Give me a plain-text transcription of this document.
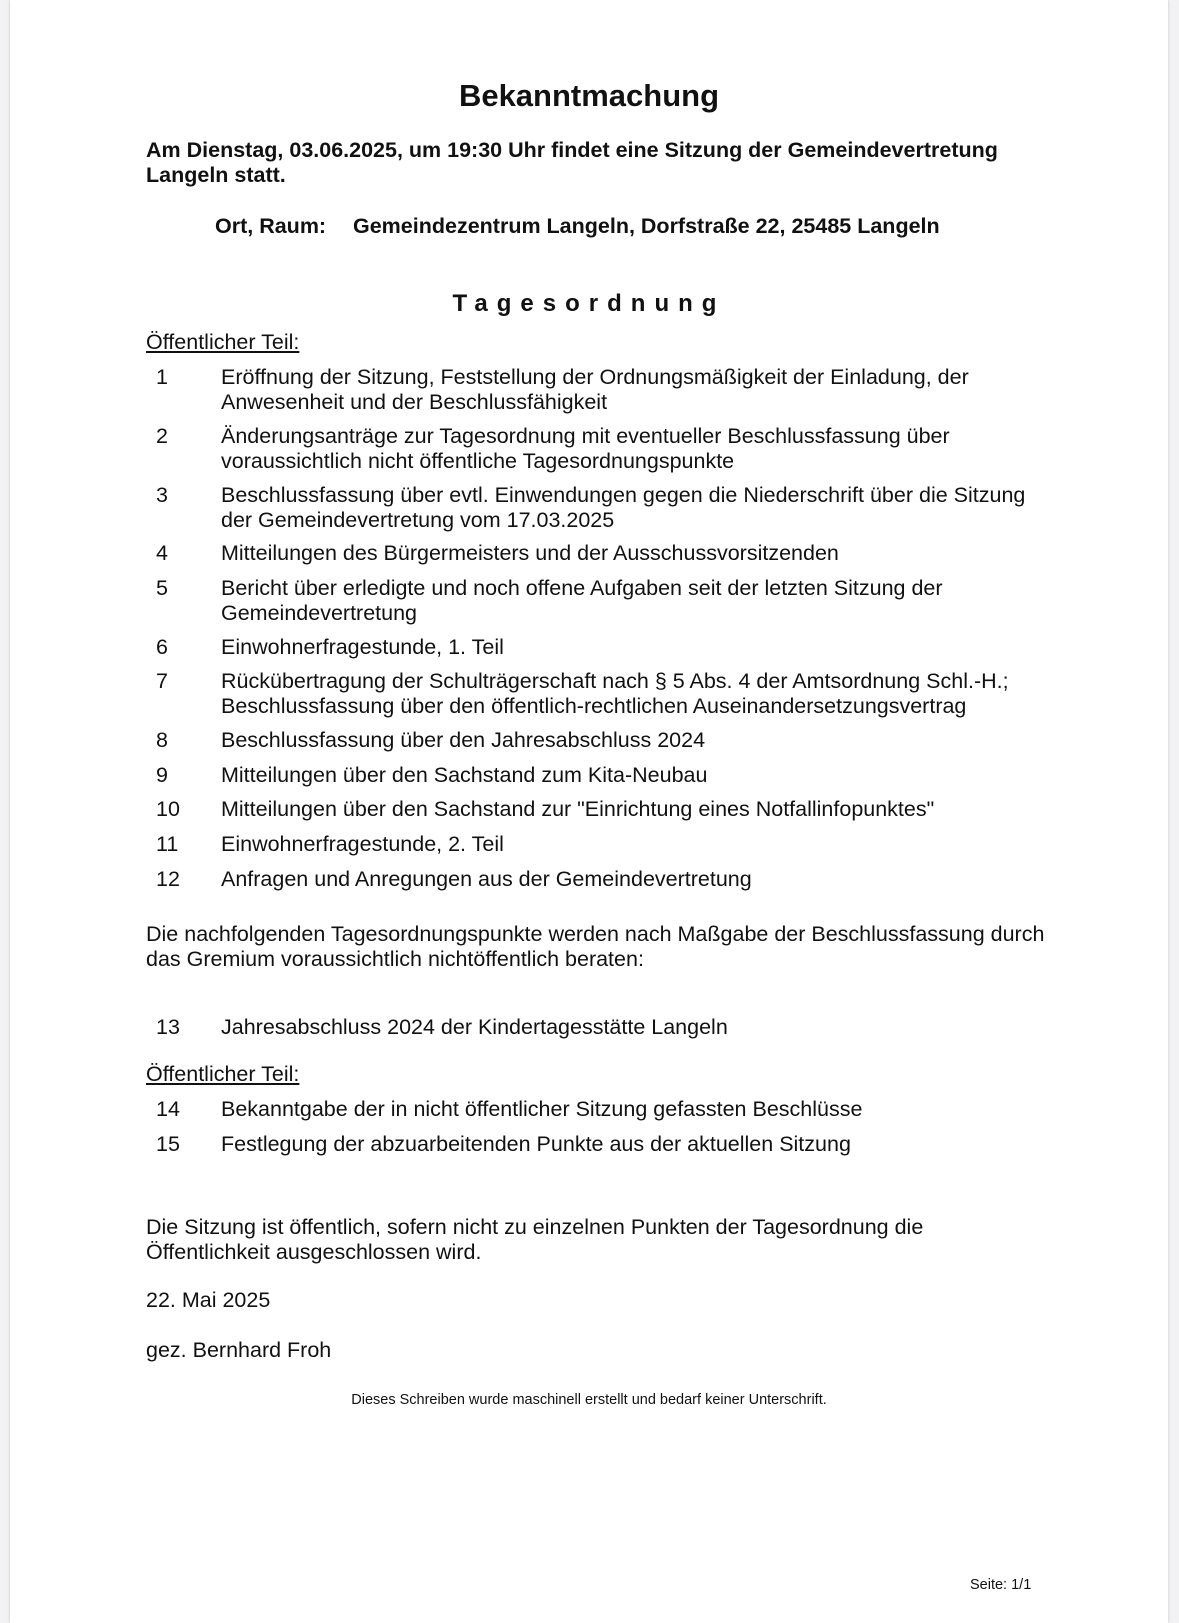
Bekanntmachung

Am Dienstag, 03.06.2025, um 19:30 Uhr findet eine Sitzung der Gemeindevertretung Langeln statt.

Ort, Raum: Gemeindezentrum Langeln, Dorfstraße 22, 25485 Langeln
Tagesordnung
Öffentlicher Teil:
1	Eröffnung der Sitzung, Feststellung der Ordnungsmäßigkeit der Einladung, der Anwesenheit und der Beschlussfähigkeit
2	Änderungsanträge zur Tagesordnung mit eventueller Beschlussfassung über voraussichtlich nicht öffentliche Tagesordnungspunkte
3	Beschlussfassung über evtl. Einwendungen gegen die Niederschrift über die Sitzung der Gemeindevertretung vom 17.03.2025
4	Mitteilungen des Bürgermeisters und der Ausschussvorsitzenden
5	Bericht über erledigte und noch offene Aufgaben seit der letzten Sitzung der Gemeindevertretung
6	Einwohnerfragestunde, 1. Teil
7	Rückübertragung der Schulträgerschaft nach § 5 Abs. 4 der Amtsordnung Schl.-H.; Beschlussfassung über den öffentlich-rechtlichen Auseinandersetzungsvertrag
8	Beschlussfassung über den Jahresabschluss 2024
9	Mitteilungen über den Sachstand zum Kita-Neubau
10	Mitteilungen über den Sachstand zur "Einrichtung eines Notfallinfopunktes"
11	Einwohnerfragestunde, 2. Teil
12	Anfragen und Anregungen aus der Gemeindevertretung

Die nachfolgenden Tagesordnungspunkte werden nach Maßgabe der Beschlussfassung durch das Gremium voraussichtlich nichtöffentlich beraten:

13	Jahresabschluss 2024 der Kindertagesstätte Langeln
Öffentlicher Teil:
14	Bekanntgabe der in nicht öffentlicher Sitzung gefassten Beschlüsse
15	Festlegung der abzuarbeitenden Punkte aus der aktuellen Sitzung

Die Sitzung ist öffentlich, sofern nicht zu einzelnen Punkten der Tagesordnung die Öffentlichkeit ausgeschlossen wird.

22. Mai 2025

gez. Bernhard Froh

Dieses Schreiben wurde maschinell erstellt und bedarf keiner Unterschrift.
Seite: 1/1
